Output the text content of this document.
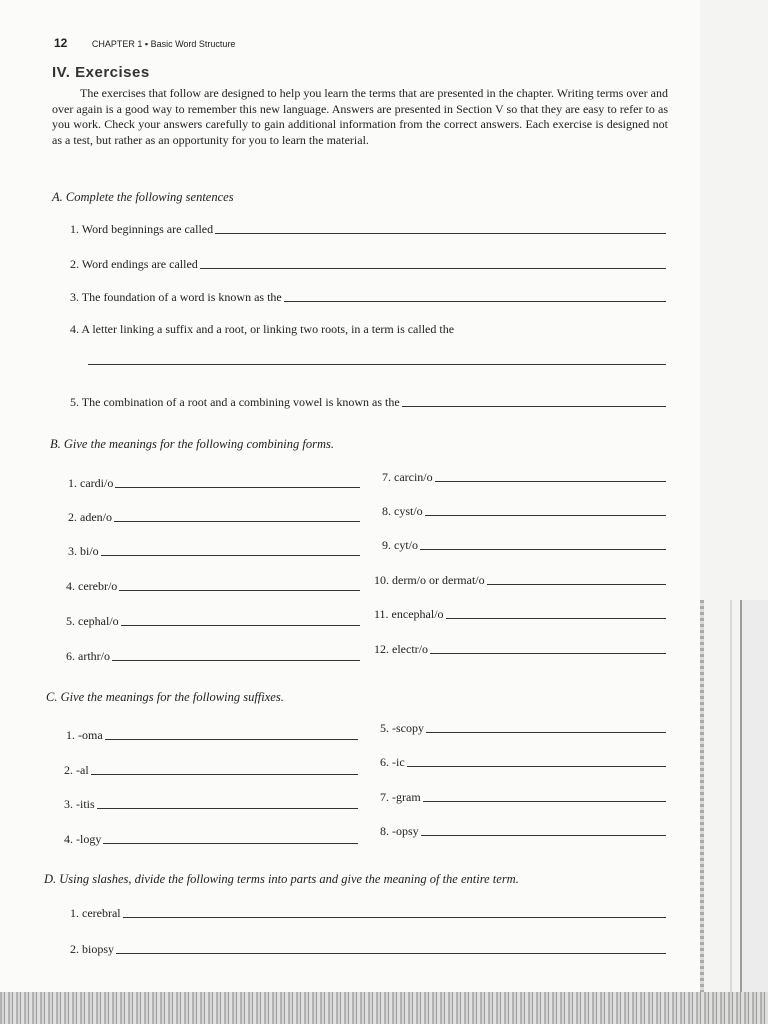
12	CHAPTER 1 ▪ Basic Word Structure
IV. Exercises
The exercises that follow are designed to help you learn the terms that are presented in the chapter. Writing terms over and over again is a good way to remember this new language. Answers are presented in Section V so that they are easy to refer to as you work. Check your answers carefully to gain additional information from the correct answers. Each exercise is designed not as a test, but rather as an opportunity for you to learn the material.
A. Complete the following sentences
1. Word beginnings are called
2. Word endings are called
3. The foundation of a word is known as the
4. A letter linking a suffix and a root, or linking two roots, in a term is called the
5. The combination of a root and a combining vowel is known as the
B. Give the meanings for the following combining forms.
1. cardi/o
2. aden/o
3. bi/o
4. cerebr/o
5. cephal/o
6. arthr/o
7. carcin/o
8. cyst/o
9. cyt/o
10. derm/o or dermat/o
11. encephal/o
12. electr/o
C. Give the meanings for the following suffixes.
1. -oma
2. -al
3. -itis
4. -logy
5. -scopy
6. -ic
7. -gram
8. -opsy
D. Using slashes, divide the following terms into parts and give the meaning of the entire term.
1. cerebral
2. biopsy
